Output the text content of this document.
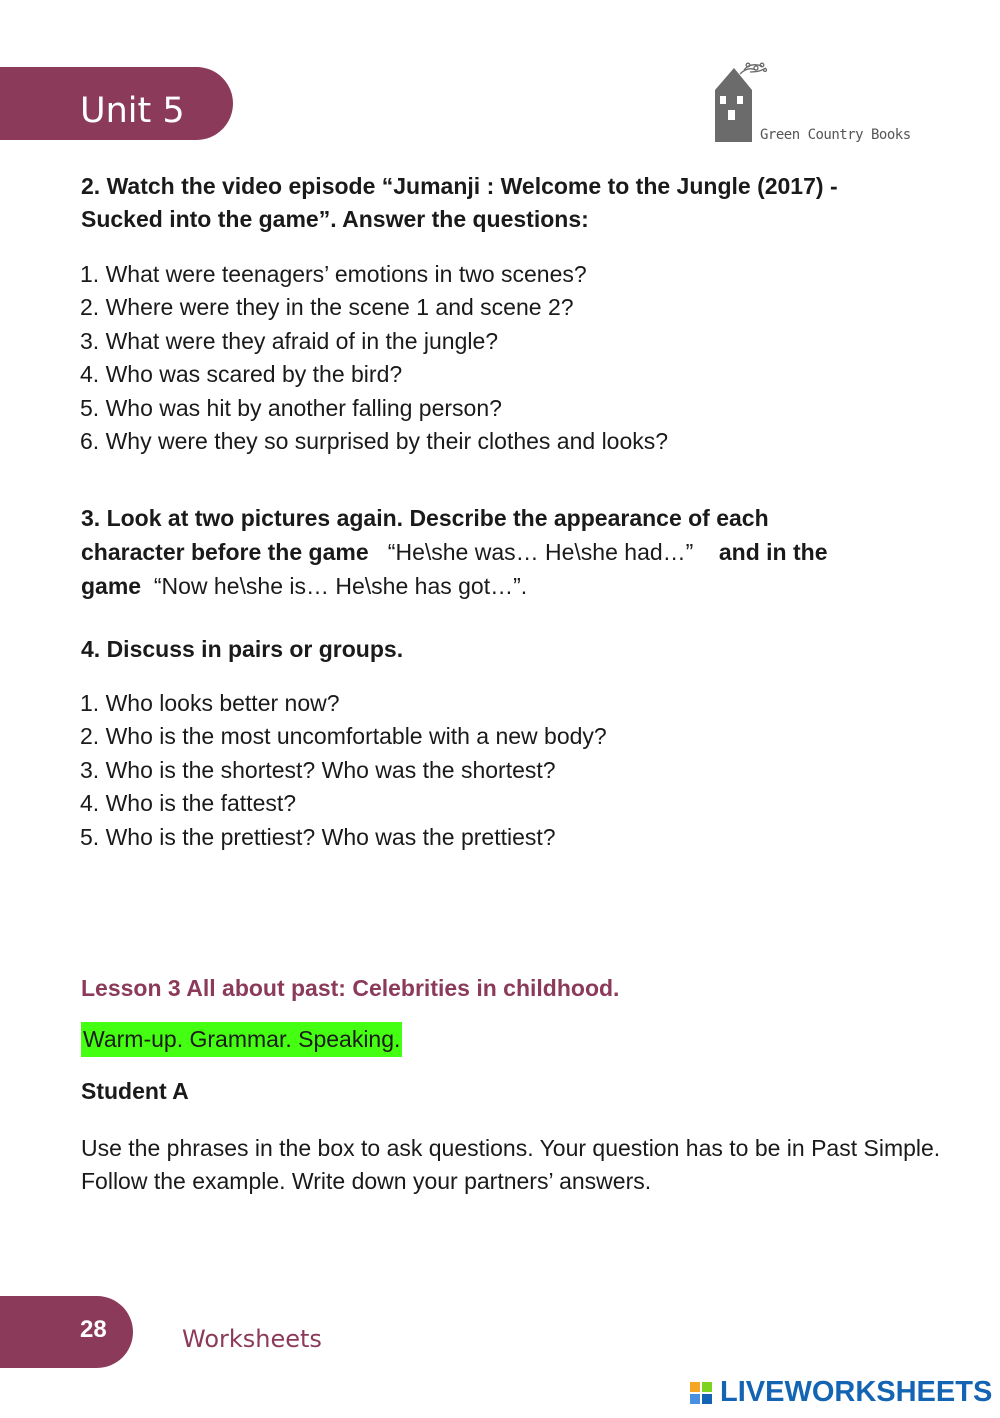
Unit 5
Green Country Books
2. Watch the video episode “Jumanji : Welcome to the Jungle (2017) -
Sucked into the game”. Answer the questions:
1. What were teenagers’ emotions in two scenes?
2. Where were they in the scene 1 and scene 2?
3. What were they afraid of in the jungle?
4. Who was scared by the bird?
5. Who was hit by another falling person?
6. Why were they so surprised by their clothes and looks?
3. Look at two pictures again. Describe the appearance of each
character before the game “He\she was… He\she had…” and in the
game “Now he\she is… He\she has got…”.
4. Discuss in pairs or groups.
1. Who looks better now?
2. Who is the most uncomfortable with a new body?
3. Who is the shortest? Who was the shortest?
4. Who is the fattest?
5. Who is the prettiest? Who was the prettiest?
Lesson 3 All about past: Celebrities in childhood.
Warm-up. Grammar. Speaking.
Student A
Use the phrases in the box to ask questions. Your question has to be in Past Simple. Follow the example. Write down your partners’ answers.
28	Worksheets
LIVEWORKSHEETS
